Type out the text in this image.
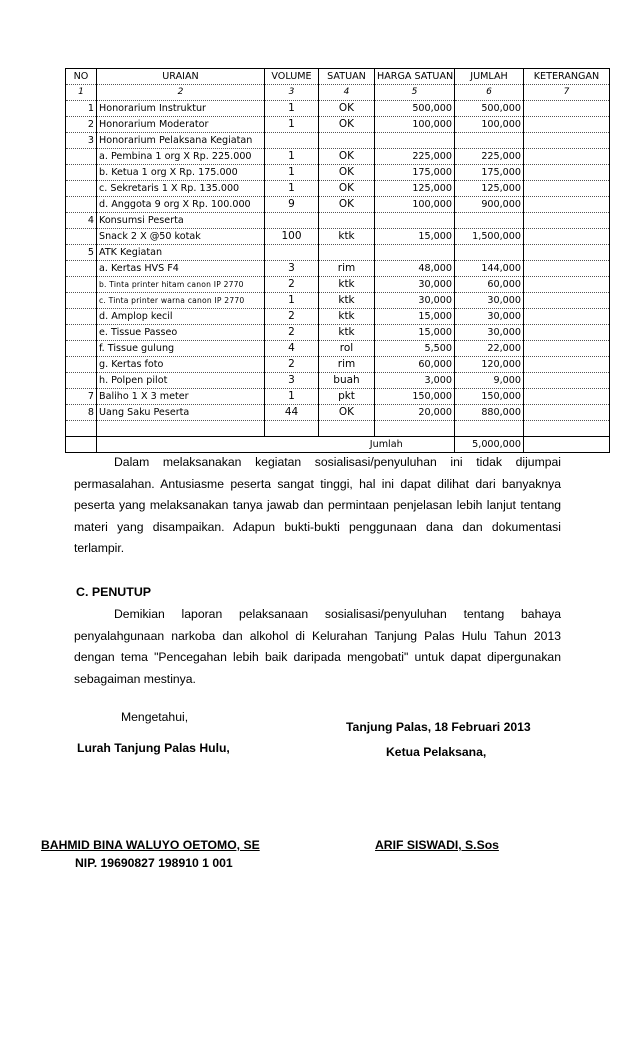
NO	URAIAN	VOLUME	SATUAN	HARGA SATUAN	JUMLAH	KETERANGAN
1	2	3	4	5	6	7
1	Honorarium Instruktur	1	OK	500,000	500,000	
2	Honorarium Moderator	1	OK	100,000	100,000	
3	Honorarium Pelaksana Kegiatan					
	a. Pembina 1 org X Rp. 225.000	1	OK	225,000	225,000	
	b. Ketua 1 org X Rp. 175.000	1	OK	175,000	175,000	
	c. Sekretaris 1 X Rp. 135.000	1	OK	125,000	125,000	
	d. Anggota 9 org X Rp. 100.000	9	OK	100,000	900,000	
4	Konsumsi Peserta					
	Snack 2 X @50 kotak	100	ktk	15,000	1,500,000	
5	ATK Kegiatan					
	a. Kertas HVS F4	3	rim	48,000	144,000	
	b. Tinta printer hitam canon IP 2770	2	ktk	30,000	60,000	
	c. Tinta printer warna canon IP 2770	1	ktk	30,000	30,000	
	d. Amplop kecil	2	ktk	15,000	30,000	
	e. Tissue Passeo	2	ktk	15,000	30,000	
	f. Tissue gulung	4	rol	5,500	22,000	
	g. Kertas foto	2	rim	60,000	120,000	
	h. Polpen pilot	3	buah	3,000	9,000	
7	Baliho 1 X 3 meter	1	pkt	150,000	150,000	
8	Uang Saku Peserta	44	OK	20,000	880,000	

			Jumlah		5,000,000	

Dalam melaksanakan kegiatan sosialisasi/penyuluhan ini tidak dijumpai permasalahan. Antusiasme peserta sangat tinggi, hal ini dapat dilihat dari banyaknya peserta yang melaksanakan tanya jawab dan permintaan penjelasan lebih lanjut tentang materi yang disampaikan. Adapun bukti-bukti penggunaan dana dan dokumentasi terlampir.

C. PENUTUP

Demikian laporan pelaksanaan sosialisasi/penyuluhan tentang bahaya penyalahgunaan narkoba dan alkohol di Kelurahan Tanjung Palas Hulu Tahun 2013 dengan tema "Pencegahan lebih baik daripada mengobati" untuk dapat dipergunakan sebagaiman mestinya.

Mengetahui,

Lurah Tanjung Palas Hulu,

BAHMID BINA WALUYO OETOMO, SE

NIP. 19690827 198910 1 001

Tanjung Palas, 18 Februari 2013

Ketua Pelaksana,

ARIF SISWADI, S.Sos
